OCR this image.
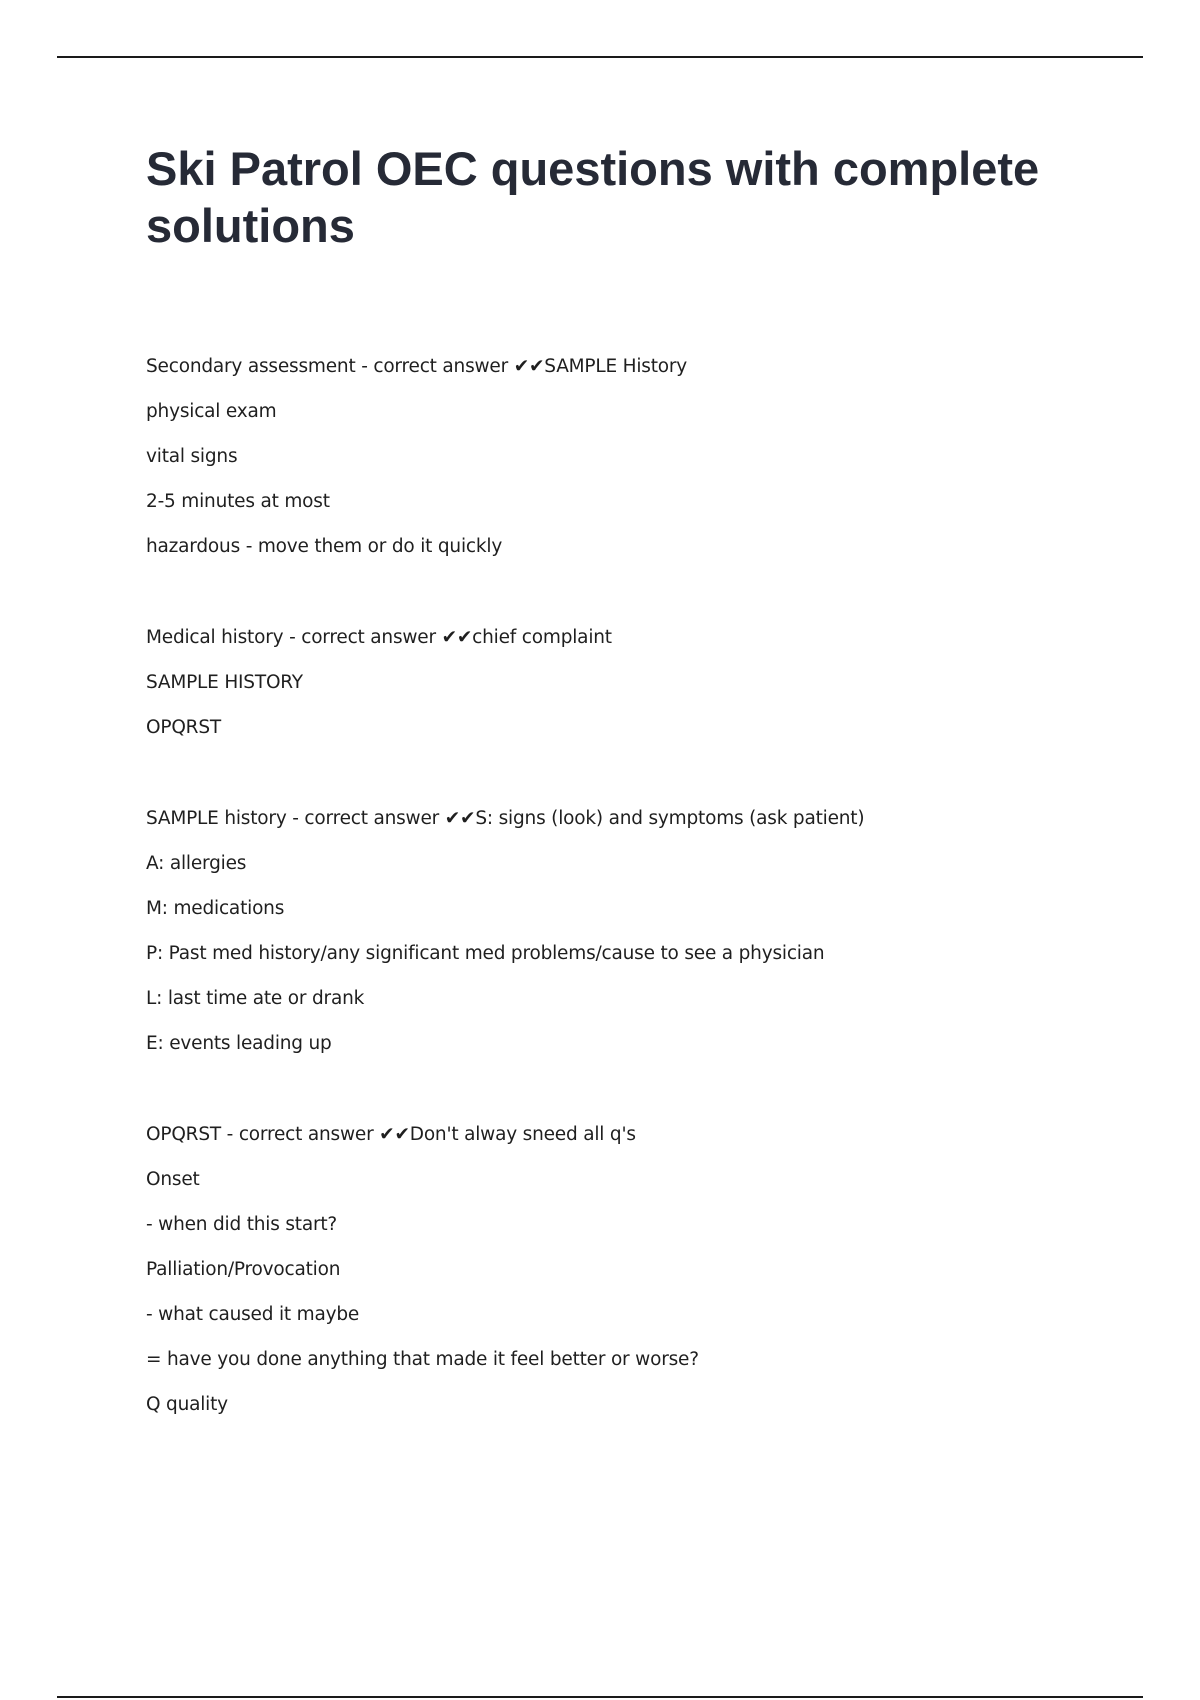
Ski Patrol OEC questions with complete solutions
Secondary assessment - correct answer ✔✔SAMPLE History
physical exam
vital signs
2-5 minutes at most
hazardous - move them or do it quickly
Medical history - correct answer ✔✔chief complaint
SAMPLE HISTORY
OPQRST
SAMPLE history - correct answer ✔✔S: signs (look) and symptoms (ask patient)
A: allergies
M: medications
P: Past med history/any significant med problems/cause to see a physician
L: last time ate or drank
E: events leading up
OPQRST - correct answer ✔✔Don't alway sneed all q's
Onset
- when did this start?
Palliation/Provocation
- what caused it maybe
= have you done anything that made it feel better or worse?
Q quality
